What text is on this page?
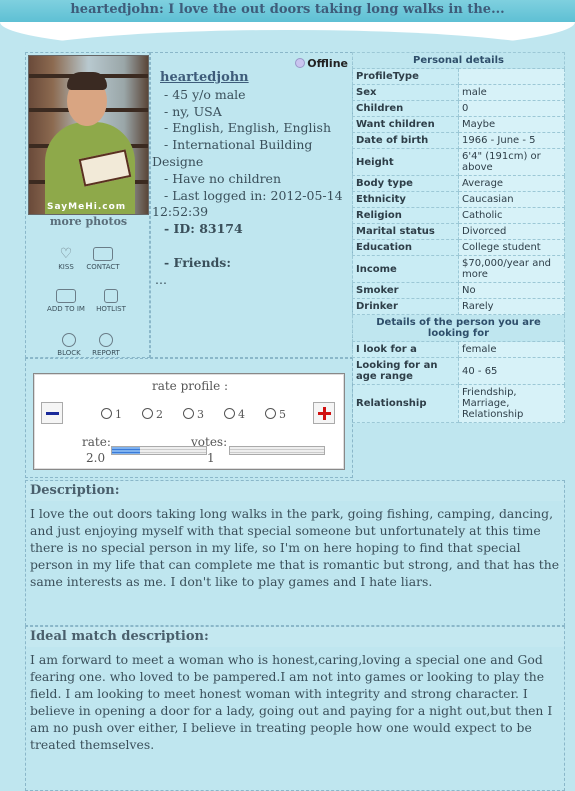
heartedjohn: I love the out doors taking long walks in the...
SayMeHi.com
more photos
♡
KISS	CONTACT
ADD TO IM	HOTLIST
BLOCK	REPORT
Offline
heartedjohn
- 45 y/o male
- ny, USA
- English, English, English
- International Building Designe
- Have no children
- Last logged in: 2012-05-14 12:52:39
- ID: 83174
- Friends:
...
Personal details	
ProfileType	
Sex	male
Children	0
Want children	Maybe
Date of birth	1966 - June - 5
Height	6'4" (191cm) or above
Body type	Average
Ethnicity	Caucasian
Religion	Catholic
Marital status	Divorced
Education	College student
Income	$70,000/year and more
Smoker	No
Drinker	Rarely
Details of the person you are looking for	
I look for a	female
Looking for an age range	40 - 65
Relationship	Friendship, Marriage, Relationship
rate profile :
1	2	3	4	5
rate:
2.0
votes:
1
Description:
I love the out doors taking long walks in the park, going fishing, camping, dancing, and just enjoying myself with that special someone but unfortunately at this time there is no special person in my life, so I'm on here hoping to find that special person in my life that can complete me that is romantic but strong, and that has the same interests as me. I don't like to play games and I hate liars.
Ideal match description:
I am forward to meet a woman who is honest,caring,loving a special one and God fearing one. who loved to be pampered.I am not into games or looking to play the field. I am looking to meet honest woman with integrity and strong character. I believe in opening a door for a lady, going out and paying for a night out,but then I am no push over either, I believe in treating people how one would expect to be treated themselves.
